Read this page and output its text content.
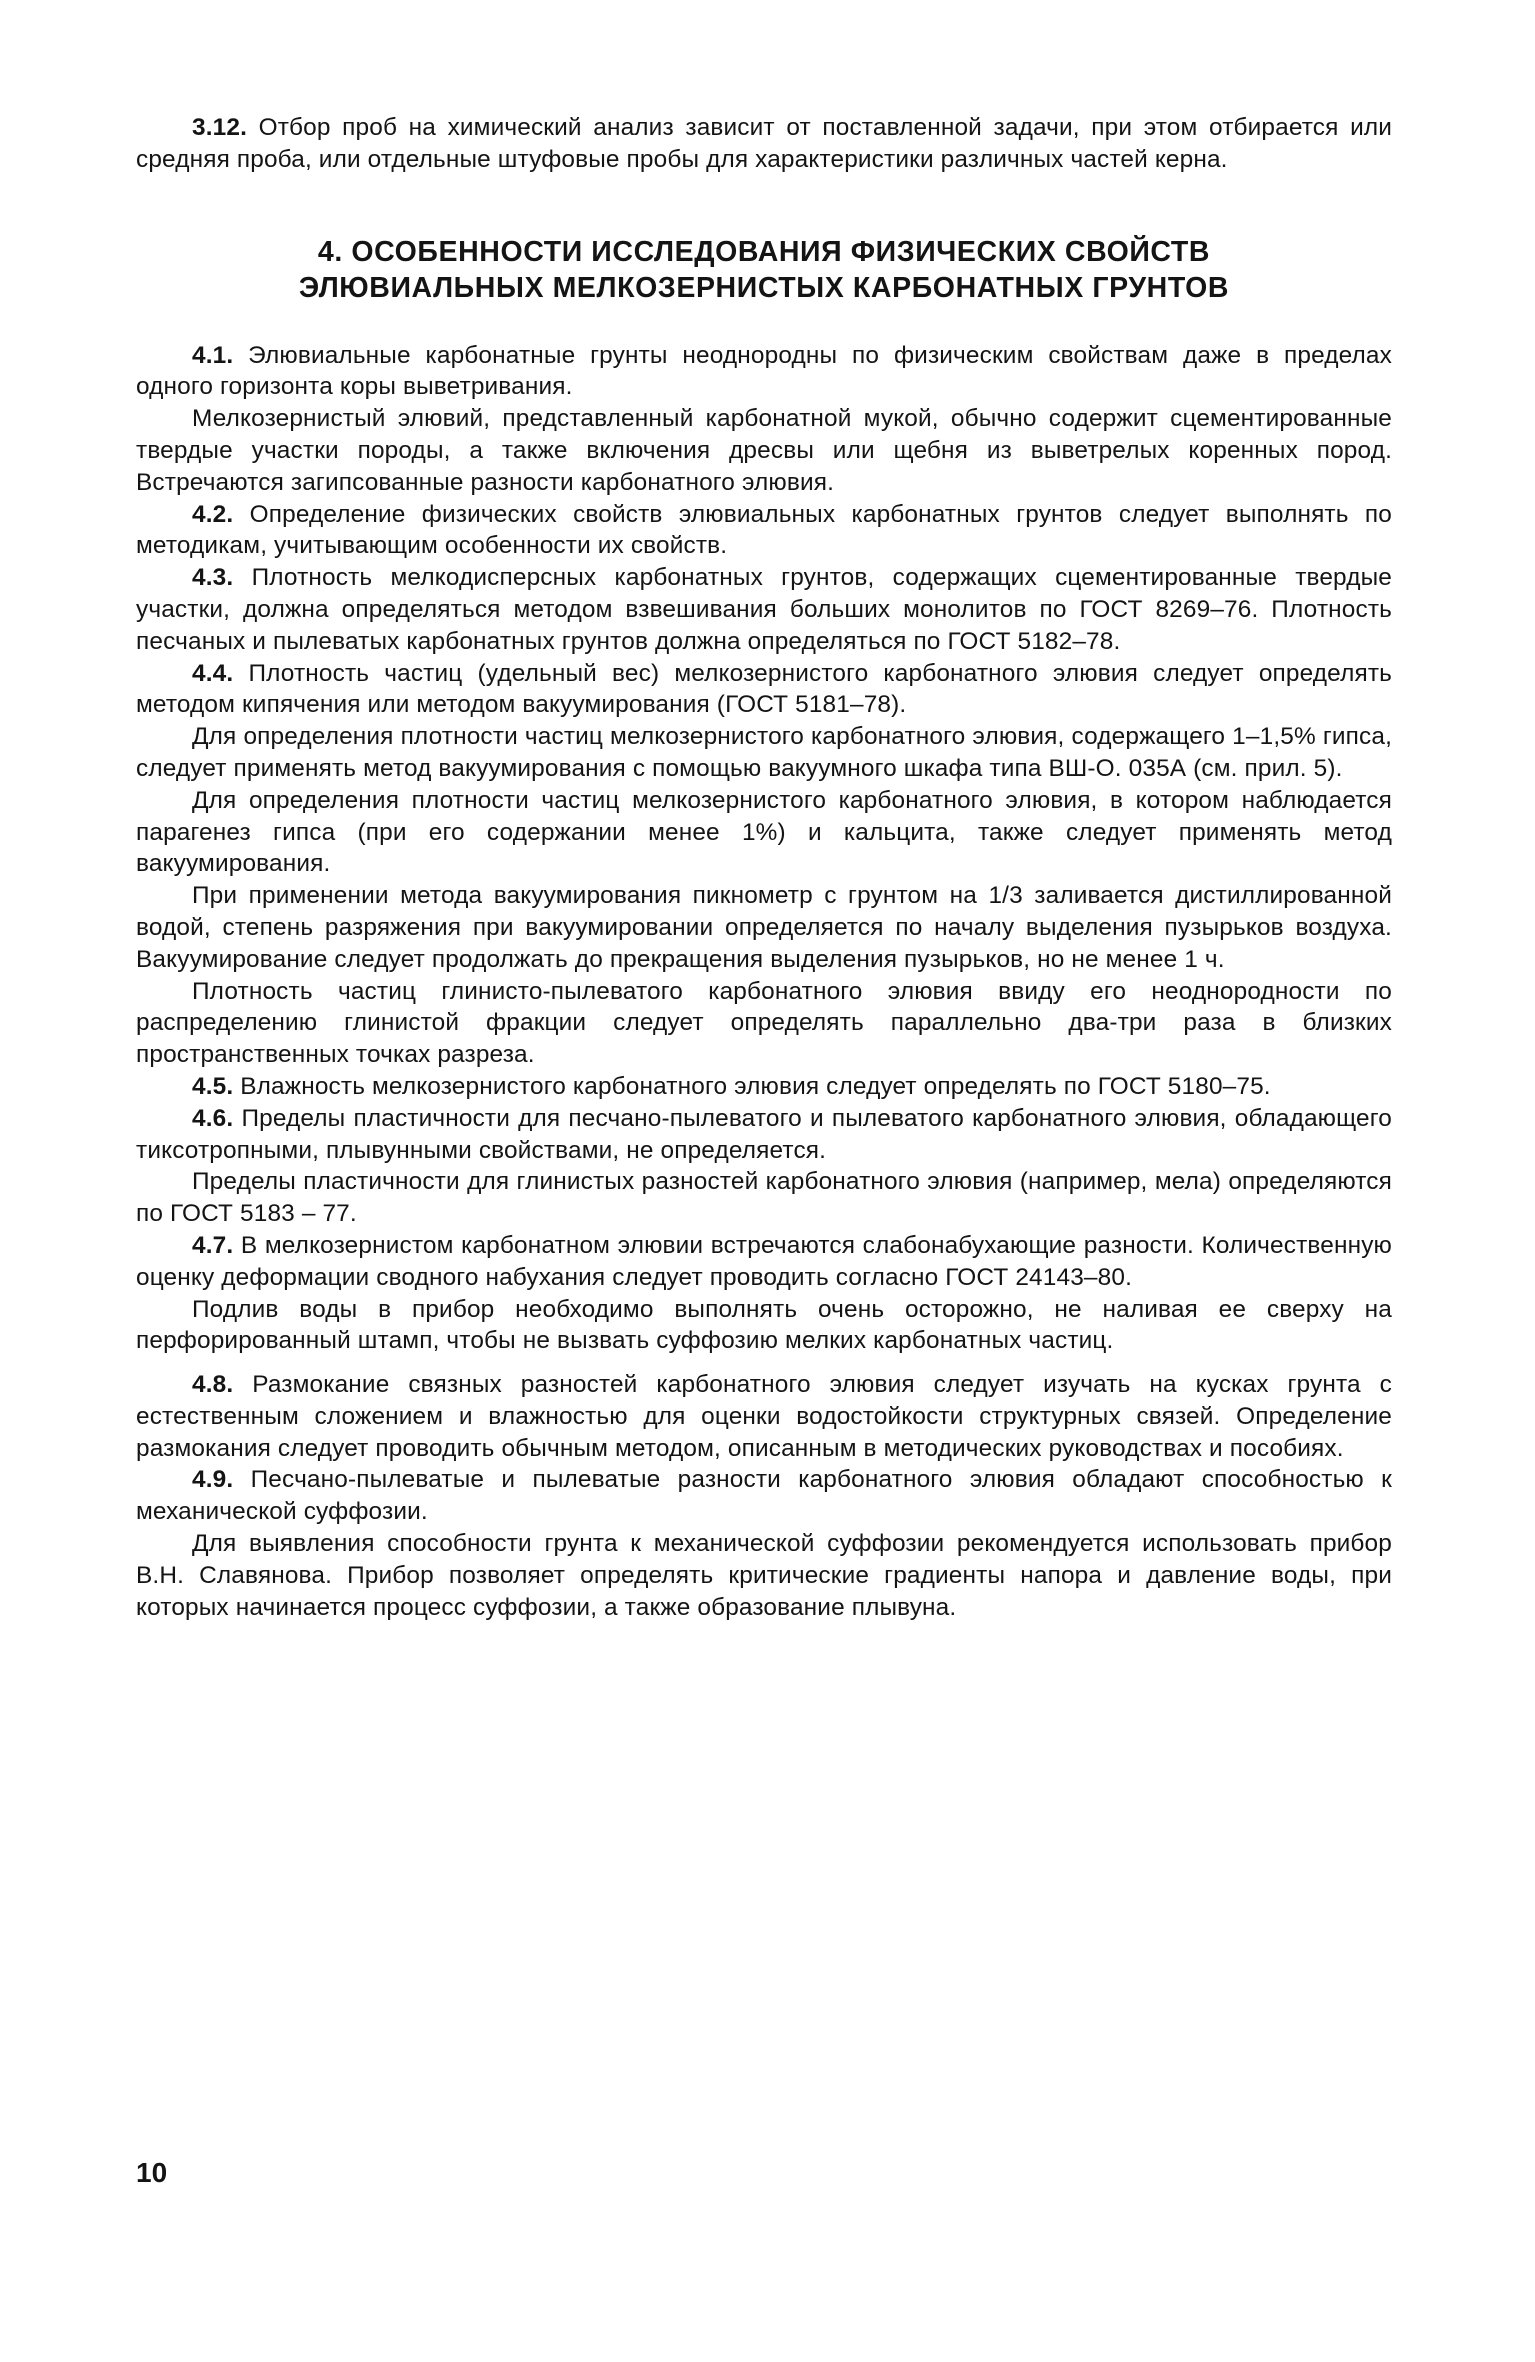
3.12. Отбор проб на химический анализ зависит от поставленной задачи, при этом отбирается или средняя проба, или отдельные штуфовые пробы для характеристики различных частей керна.

4. ОСОБЕННОСТИ ИССЛЕДОВАНИЯ ФИЗИЧЕСКИХ СВОЙСТВ
ЭЛЮВИАЛЬНЫХ МЕЛКОЗЕРНИСТЫХ КАРБОНАТНЫХ ГРУНТОВ

4.1. Элювиальные карбонатные грунты неоднородны по физическим свойствам даже в пределах одного горизонта коры выветривания.

Мелкозернистый элювий, представленный карбонатной мукой, обычно содержит сцементированные твердые участки породы, а также включения дресвы или щебня из выветрелых коренных пород. Встречаются загипсованные разности карбонатного элювия.

4.2. Определение физических свойств элювиальных карбонатных грунтов следует выполнять по методикам, учитывающим особенности их свойств.

4.3. Плотность мелкодисперсных карбонатных грунтов, содержащих сцементированные твердые участки, должна определяться методом взвешивания больших монолитов по ГОСТ 8269–76. Плотность песчаных и пылеватых карбонатных грунтов должна определяться по ГОСТ 5182–78.

4.4. Плотность частиц (удельный вес) мелкозернистого карбонатного элювия следует определять методом кипячения или методом вакуумирования (ГОСТ 5181–78).

Для определения плотности частиц мелкозернистого карбонатного элювия, содержащего 1–1,5% гипса, следует применять метод вакуумирования с помощью вакуумного шкафа типа ВШ-О. 035А (см. прил. 5).

Для определения плотности частиц мелкозернистого карбонатного элювия, в котором наблюдается парагенез гипса (при его содержании менее 1%) и кальцита, также следует применять метод вакуумирования.

При применении метода вакуумирования пикнометр с грунтом на 1/3 заливается дистиллированной водой, степень разряжения при вакуумировании определяется по началу выделения пузырьков воздуха. Вакуумирование следует продолжать до прекращения выделения пузырьков, но не менее 1 ч.

Плотность частиц глинисто-пылеватого карбонатного элювия ввиду его неоднородности по распределению глинистой фракции следует определять параллельно два-три раза в близких пространственных точках разреза.

4.5. Влажность мелкозернистого карбонатного элювия следует определять по ГОСТ 5180–75.

4.6. Пределы пластичности для песчано-пылеватого и пылеватого карбонатного элювия, обладающего тиксотропными, плывунными свойствами, не определяется.

Пределы пластичности для глинистых разностей карбонатного элювия (например, мела) определяются по ГОСТ 5183 – 77.

4.7. В мелкозернистом карбонатном элювии встречаются слабонабухающие разности. Количественную оценку деформации сводного набухания следует проводить согласно ГОСТ 24143–80.

Подлив воды в прибор необходимо выполнять очень осторожно, не наливая ее сверху на перфорированный штамп, чтобы не вызвать суффозию мелких карбонатных частиц.

4.8. Размокание связных разностей карбонатного элювия следует изучать на кусках грунта с естественным сложением и влажностью для оценки водостойкости структурных связей. Определение размокания следует проводить обычным методом, описанным в методических руководствах и пособиях.

4.9. Песчано-пылеватые и пылеватые разности карбонатного элювия обладают способностью к механической суффозии.

Для выявления способности грунта к механической суффозии рекомендуется использовать прибор В.Н. Славянова. Прибор позволяет определять критические градиенты напора и давление воды, при которых начинается процесс суффозии, а также образование плывуна.

10
